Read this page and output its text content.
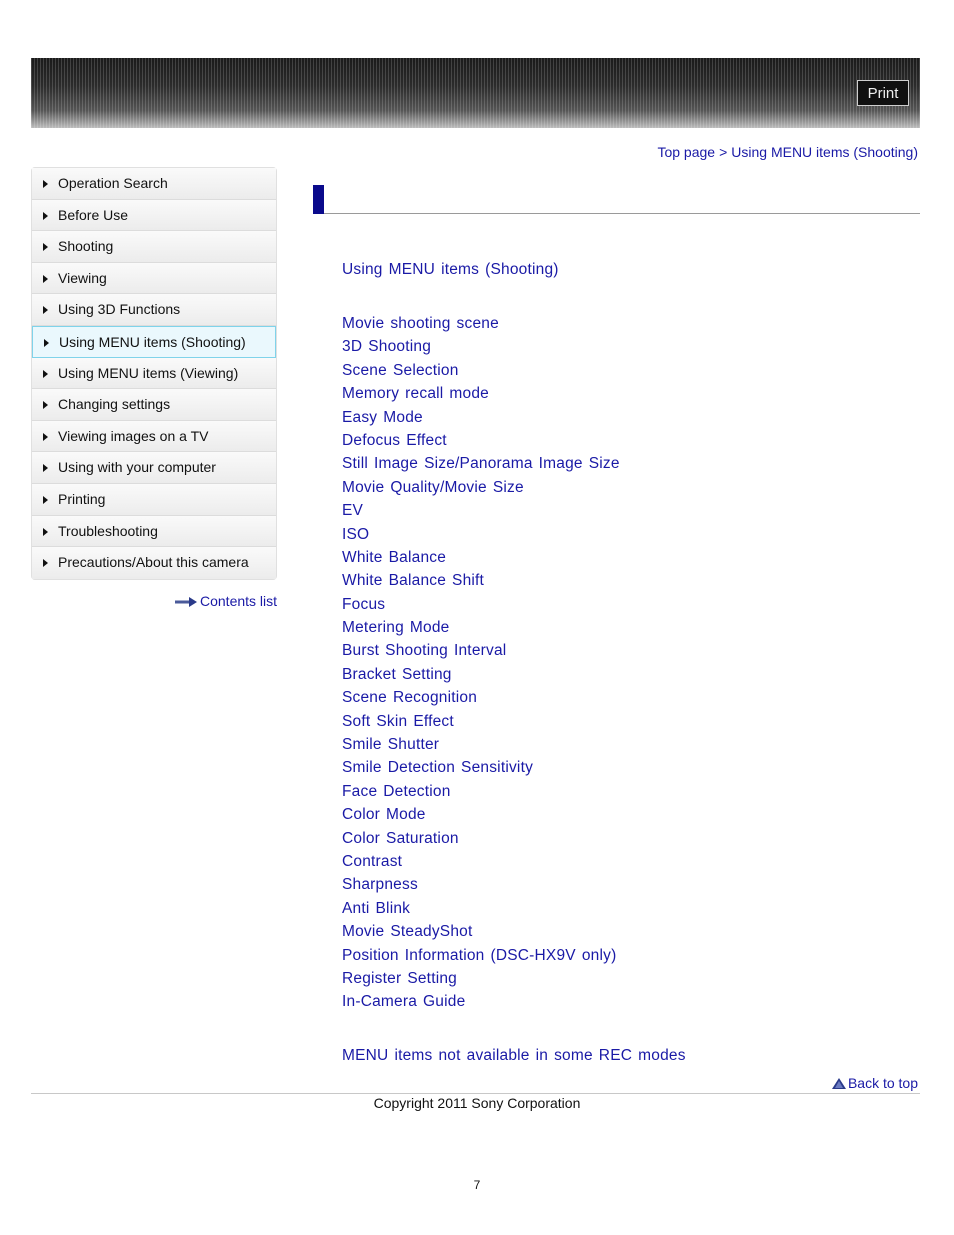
Print
Top page > Using MENU items (Shooting)
Operation Search
Before Use
Shooting
Viewing
Using 3D Functions
Using MENU items (Shooting)
Using MENU items (Viewing)
Changing settings
Viewing images on a TV
Using with your computer
Printing
Troubleshooting
Precautions/About this camera
Contents list
Using MENU items (Shooting)
Movie shooting scene
3D Shooting
Scene Selection
Memory recall mode
Easy Mode
Defocus Effect
Still Image Size/Panorama Image Size
Movie Quality/Movie Size
EV
ISO
White Balance
White Balance Shift
Focus
Metering Mode
Burst Shooting Interval
Bracket Setting
Scene Recognition
Soft Skin Effect
Smile Shutter
Smile Detection Sensitivity
Face Detection
Color Mode
Color Saturation
Contrast
Sharpness
Anti Blink
Movie SteadyShot
Position Information (DSC-HX9V only)
Register Setting
In-Camera Guide
MENU items not available in some REC modes
Back to top
Copyright 2011 Sony Corporation
7
